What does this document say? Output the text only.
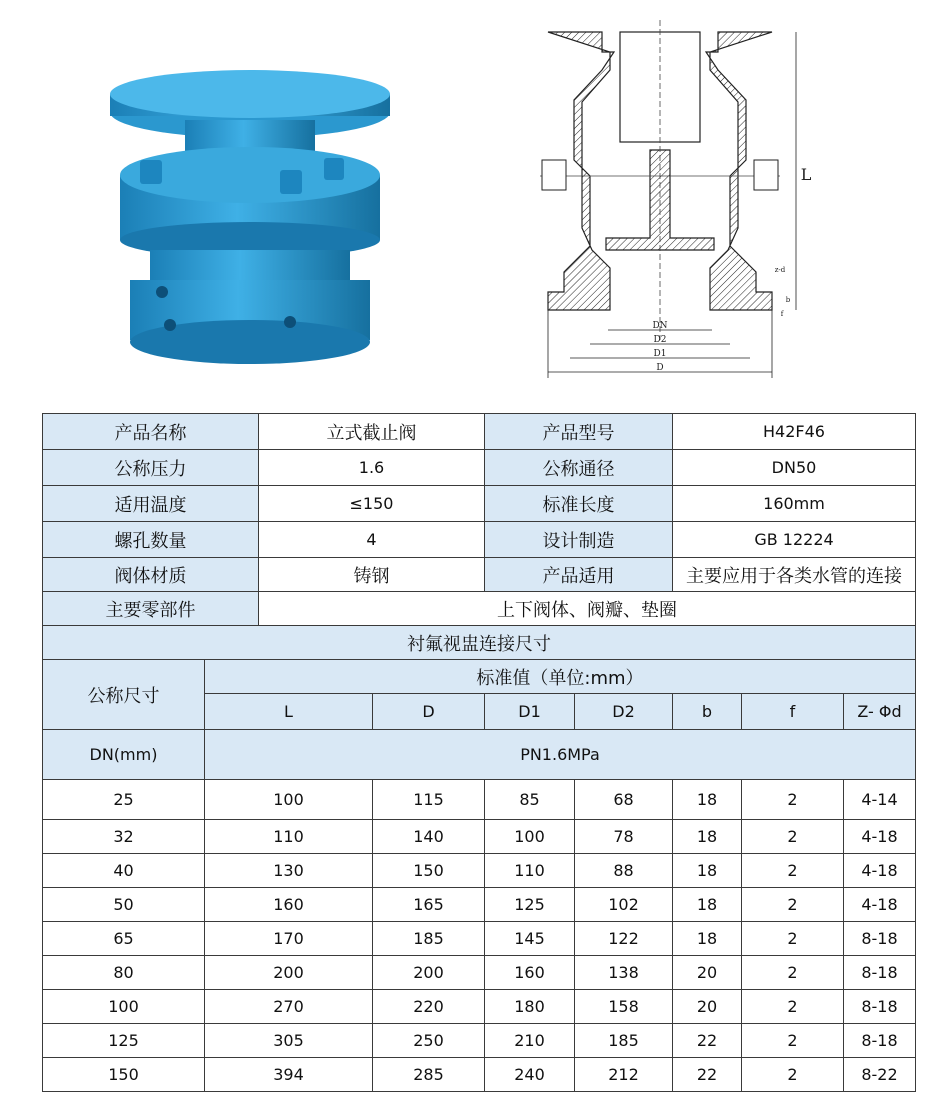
L
DN
D2
D1
D
z-d
b
f
产品名称		立式截止阀		产品型号		H42F46		
公称压力		1.6		公称通径		DN50		
适用温度		≤150		标准长度		160mm		
螺孔数量		4		设计制造		GB 12224		
阀体材质		铸钢		产品适用		主要应用于各类水管的连接		
主要零部件		上下阀体、阀瓣、垫圈						
衬氟视盅连接尺寸								
公称尺寸	标准值（单位:mm）							
	L		D	D1	D2	b	f	Z- Φd
DN(mm)	PN1.6MPa							
25	100		115	85	68	18	2	4-14
32	110		140	100	78	18	2	4-18
40	130		150	110	88	18	2	4-18
50	160		165	125	102	18	2	4-18
65	170		185	145	122	18	2	8-18
80	200		200	160	138	20	2	8-18
100	270		220	180	158	20	2	8-18
125	305		250	210	185	22	2	8-18
150	394		285	240	212	22	2	8-22
